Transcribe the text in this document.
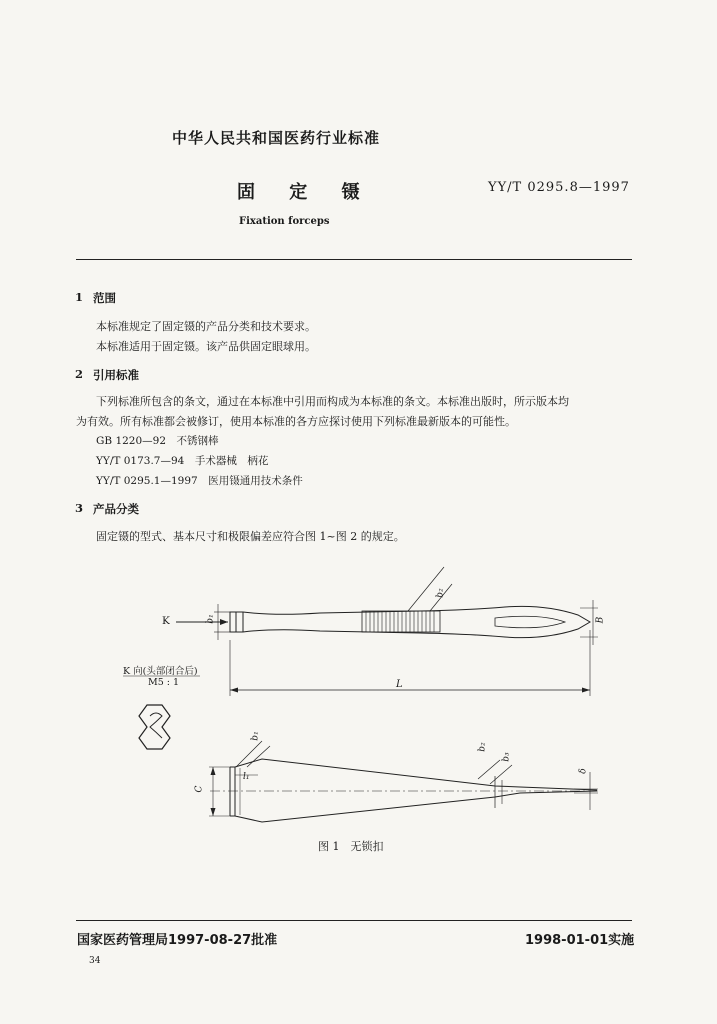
中华人民共和国医药行业标准
固 定 镊	YY/T 0295.8—1997
Fixation forceps
1 范围
本标准规定了固定镊的产品分类和技术要求。
本标准适用于固定镊。该产品供固定眼球用。
2 引用标准
下列标准所包含的条文，通过在本标准中引用而构成为本标准的条文。本标准出版时，所示版本均
为有效。所有标准都会被修订，使用本标准的各方应探讨使用下列标准最新版本的可能性。
GB 1220—92　不锈钢棒
YY/T 0173.7—94　手术器械　柄花
YY/T 0295.1—1997　医用镊通用技术条件
3 产品分类
固定镊的型式、基本尺寸和极限偏差应符合图 1~图 2 的规定。
K	b₁	B
b₂
L
K 向(头部闭合后)
M5 : 1
b₁
l₁
C
b₂
b₃
δ
图 1　无锁扣
国家医药管理局1997-08-27批准	1998-01-01实施
34
